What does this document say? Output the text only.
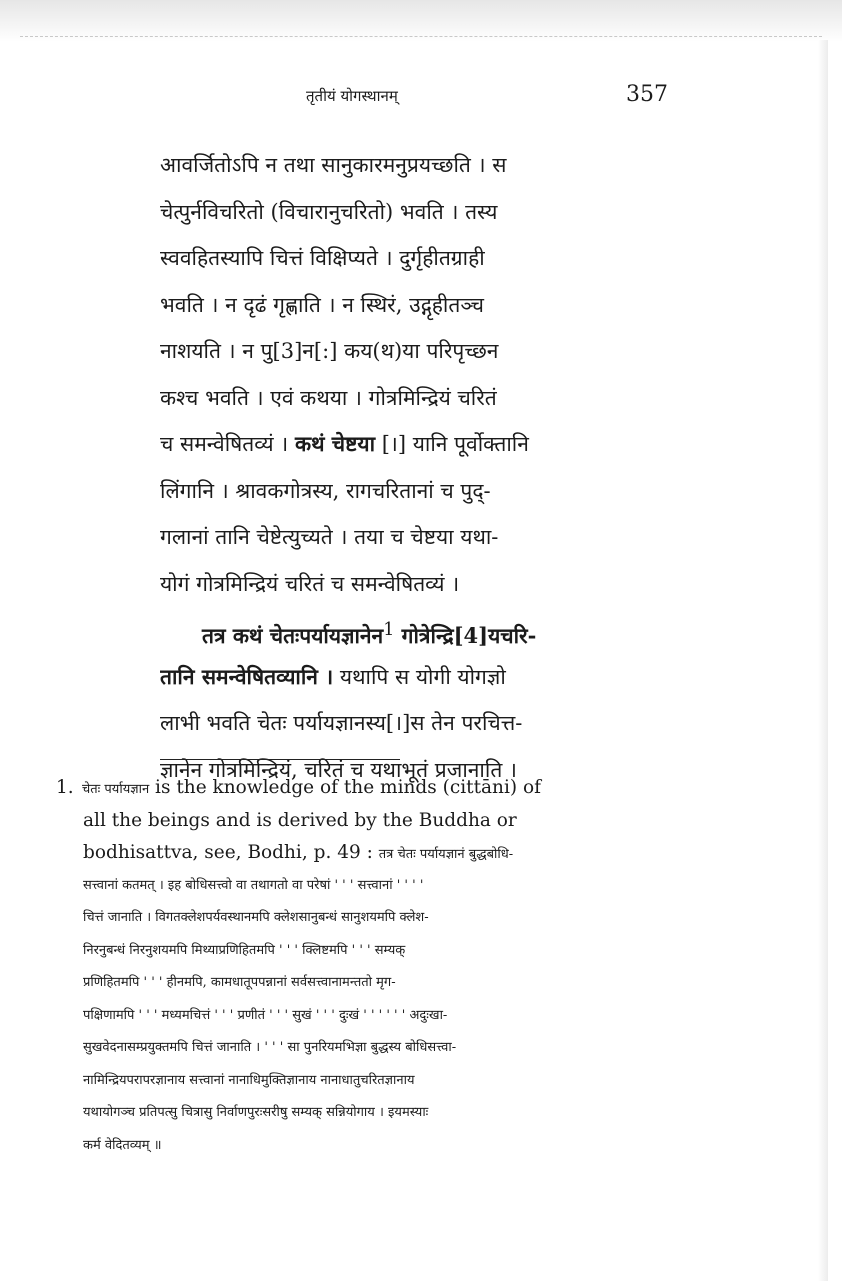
तृतीयं योगस्थानम्	357
आवर्जितोऽपि न तथा सानुकारमनुप्रयच्छति । स
चेत्पुर्नविचरितो (विचारानुचरितो) भवति । तस्य
स्ववहितस्यापि चित्तं विक्षिप्यते । दुर्गृहीतग्राही
भवति । न दृढं गृह्णाति । न स्थिरं, उद्गृहीतञ्च
नाशयति । न पु[3]न[:] कय(थ)या परिपृच्छन
कश्च भवति । एवं कथया । गोत्रमिन्द्रियं चरितं
च समन्वेषितव्यं । कथं चेष्टया [।] यानि पूर्वोक्तानि
लिंगानि । श्रावकगोत्रस्य, रागचरितानां च पुद्-
गलानां तानि चेष्टेत्युच्यते । तया च चेष्टया यथा-
योगं गोत्रमिन्द्रियं चरितं च समन्वेषितव्यं ।
तत्र कथं चेतःपर्यायज्ञानेन$^1$ गोत्रेन्द्रि[4]यचरि-
तानि समन्वेषितव्यानि । यथापि स योगी योगज्ञो
लाभी भवति चेतः पर्यायज्ञानस्य[।]स तेन परचित्त-
ज्ञानेन गोत्रमिन्द्रियं, चरितं च यथाभूतं प्रजानाति ।
1. चेतः पर्यायज्ञान is the knowledge of the minds (cittāni) of
all the beings and is derived by the Buddha or
bodhisattva, see, Bodhi, p. 49 : तत्र चेतः पर्यायज्ञानं बुद्धबोधि-
सत्त्वानां कतमत् । इह बोधिसत्त्वो वा तथागतो वा परेषां ' ' ' सत्त्वानां ' ' ' '
चित्तं जानाति । विगतक्लेशपर्यवस्थानमपि क्लेशसानुबन्धं सानुशयमपि क्लेश-
निरनुबन्धं निरनुशयमपि मिथ्याप्रणिहितमपि ' ' ' क्लिष्टमपि ' ' ' सम्यक्
प्रणिहितमपि ' ' ' हीनमपि, कामधातूपपन्नानां सर्वसत्त्वानामन्ततो मृग-
पक्षिणामपि ' ' ' मध्यमचित्तं ' ' ' प्रणीतं ' ' ' सुखं ' ' ' दुःखं ' ' ' ' ' ' अदुःखा-
सुखवेदनासम्प्रयुक्तमपि चित्तं जानाति । ' ' ' सा पुनरियमभिज्ञा बुद्धस्य बोधिसत्त्वा-
नामिन्द्रियपरापरज्ञानाय सत्त्वानां नानाधिमुक्तिज्ञानाय नानाधातुचरितज्ञानाय
यथायोगञ्च प्रतिपत्सु चित्रासु निर्वाणपुरःसरीषु सम्यक् सन्नियोगाय । इयमस्याः
कर्म वेदितव्यम् ॥
